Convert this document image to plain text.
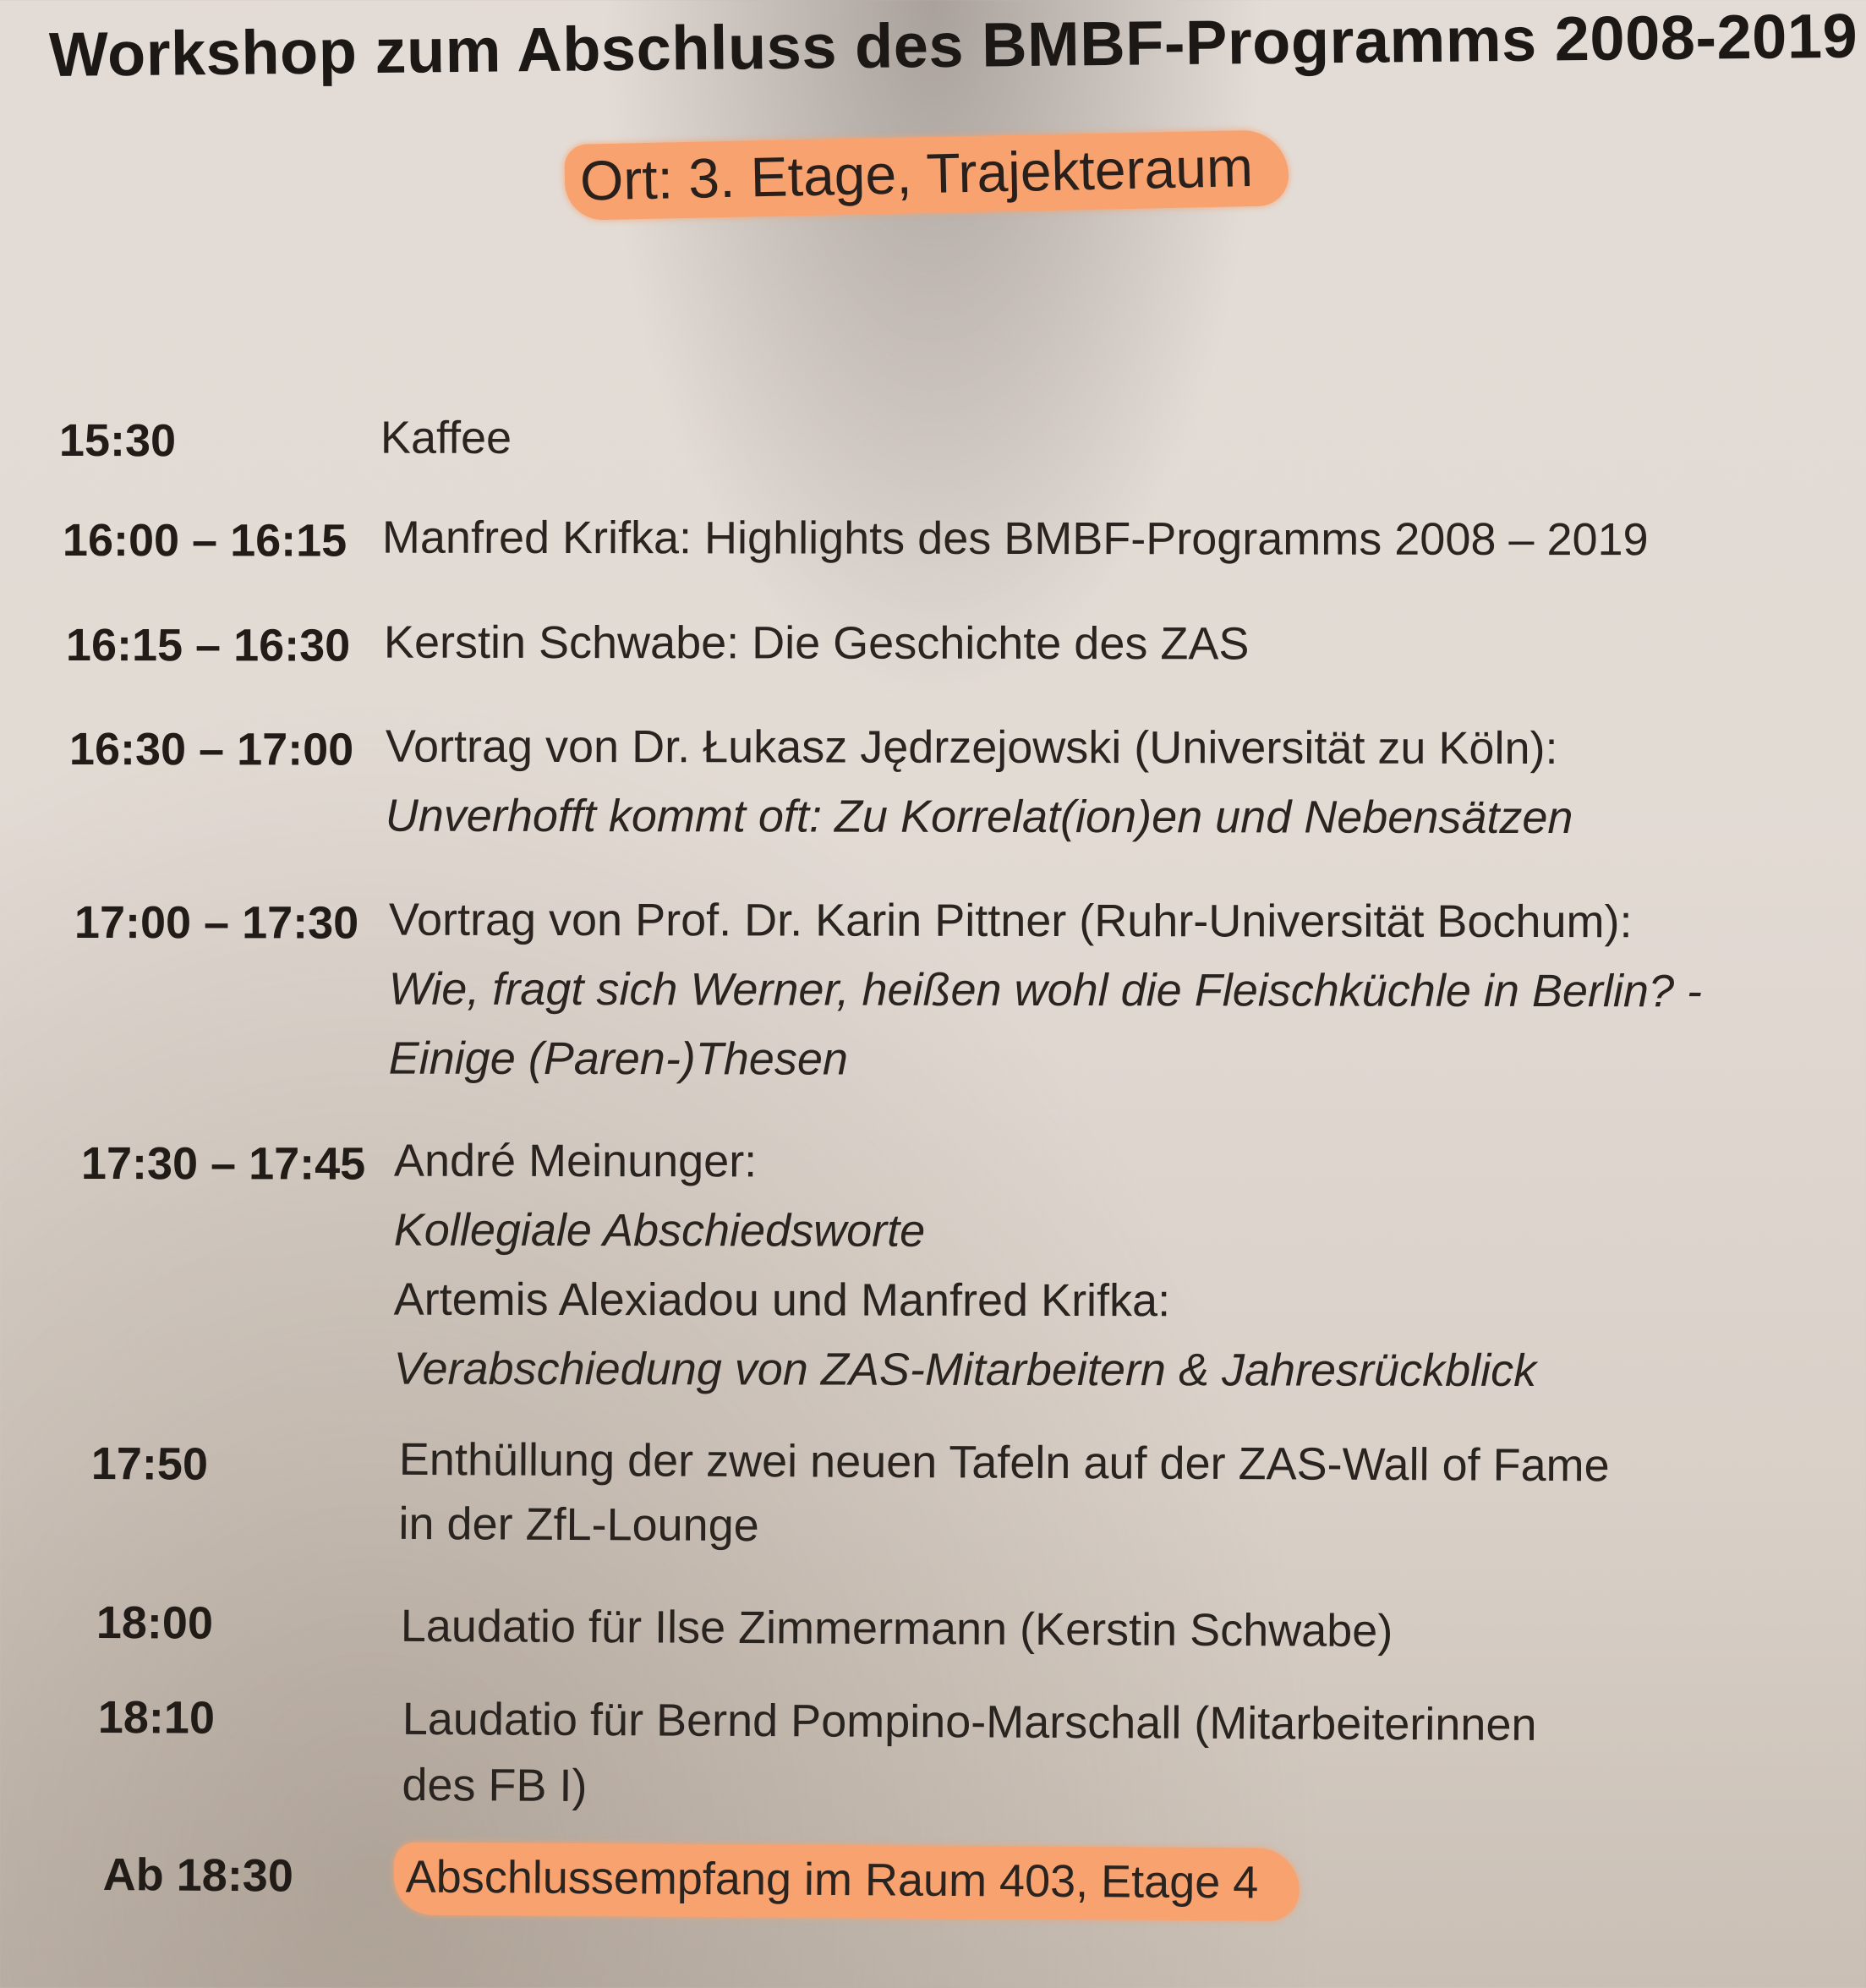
Workshop zum Abschluss des BMBF-Programms 2008-2019
Ort: 3. Etage, Trajekteraum
15:30	Kaffee
16:00 – 16:15 Manfred Krifka: Highlights des BMBF-Programms 2008 – 2019
16:15 – 16:30 Kerstin Schwabe: Die Geschichte des ZAS
16:30 – 17:00 Vortrag von Dr. Łukasz Jędrzejowski (Universität zu Köln):
Unverhofft kommt oft: Zu Korrelat(ion)en und Nebensätzen
17:00 – 17:30 Vortrag von Prof. Dr. Karin Pittner (Ruhr-Universität Bochum):
Wie, fragt sich Werner, heißen wohl die Fleischküchle in Berlin? -
Einige (Paren-)Thesen
17:30 – 17:45 André Meinunger:
Kollegiale Abschiedsworte
Artemis Alexiadou und Manfred Krifka:
Verabschiedung von ZAS-Mitarbeitern & Jahresrückblick
17:50	Enthüllung der zwei neuen Tafeln auf der ZAS-Wall of Fame
in der ZfL-Lounge
18:00	Laudatio für Ilse Zimmermann (Kerstin Schwabe)
18:10	Laudatio für Bernd Pompino-Marschall (Mitarbeiterinnen
des FB I)
Ab 18:30 Abschlussempfang im Raum 403, Etage 4
